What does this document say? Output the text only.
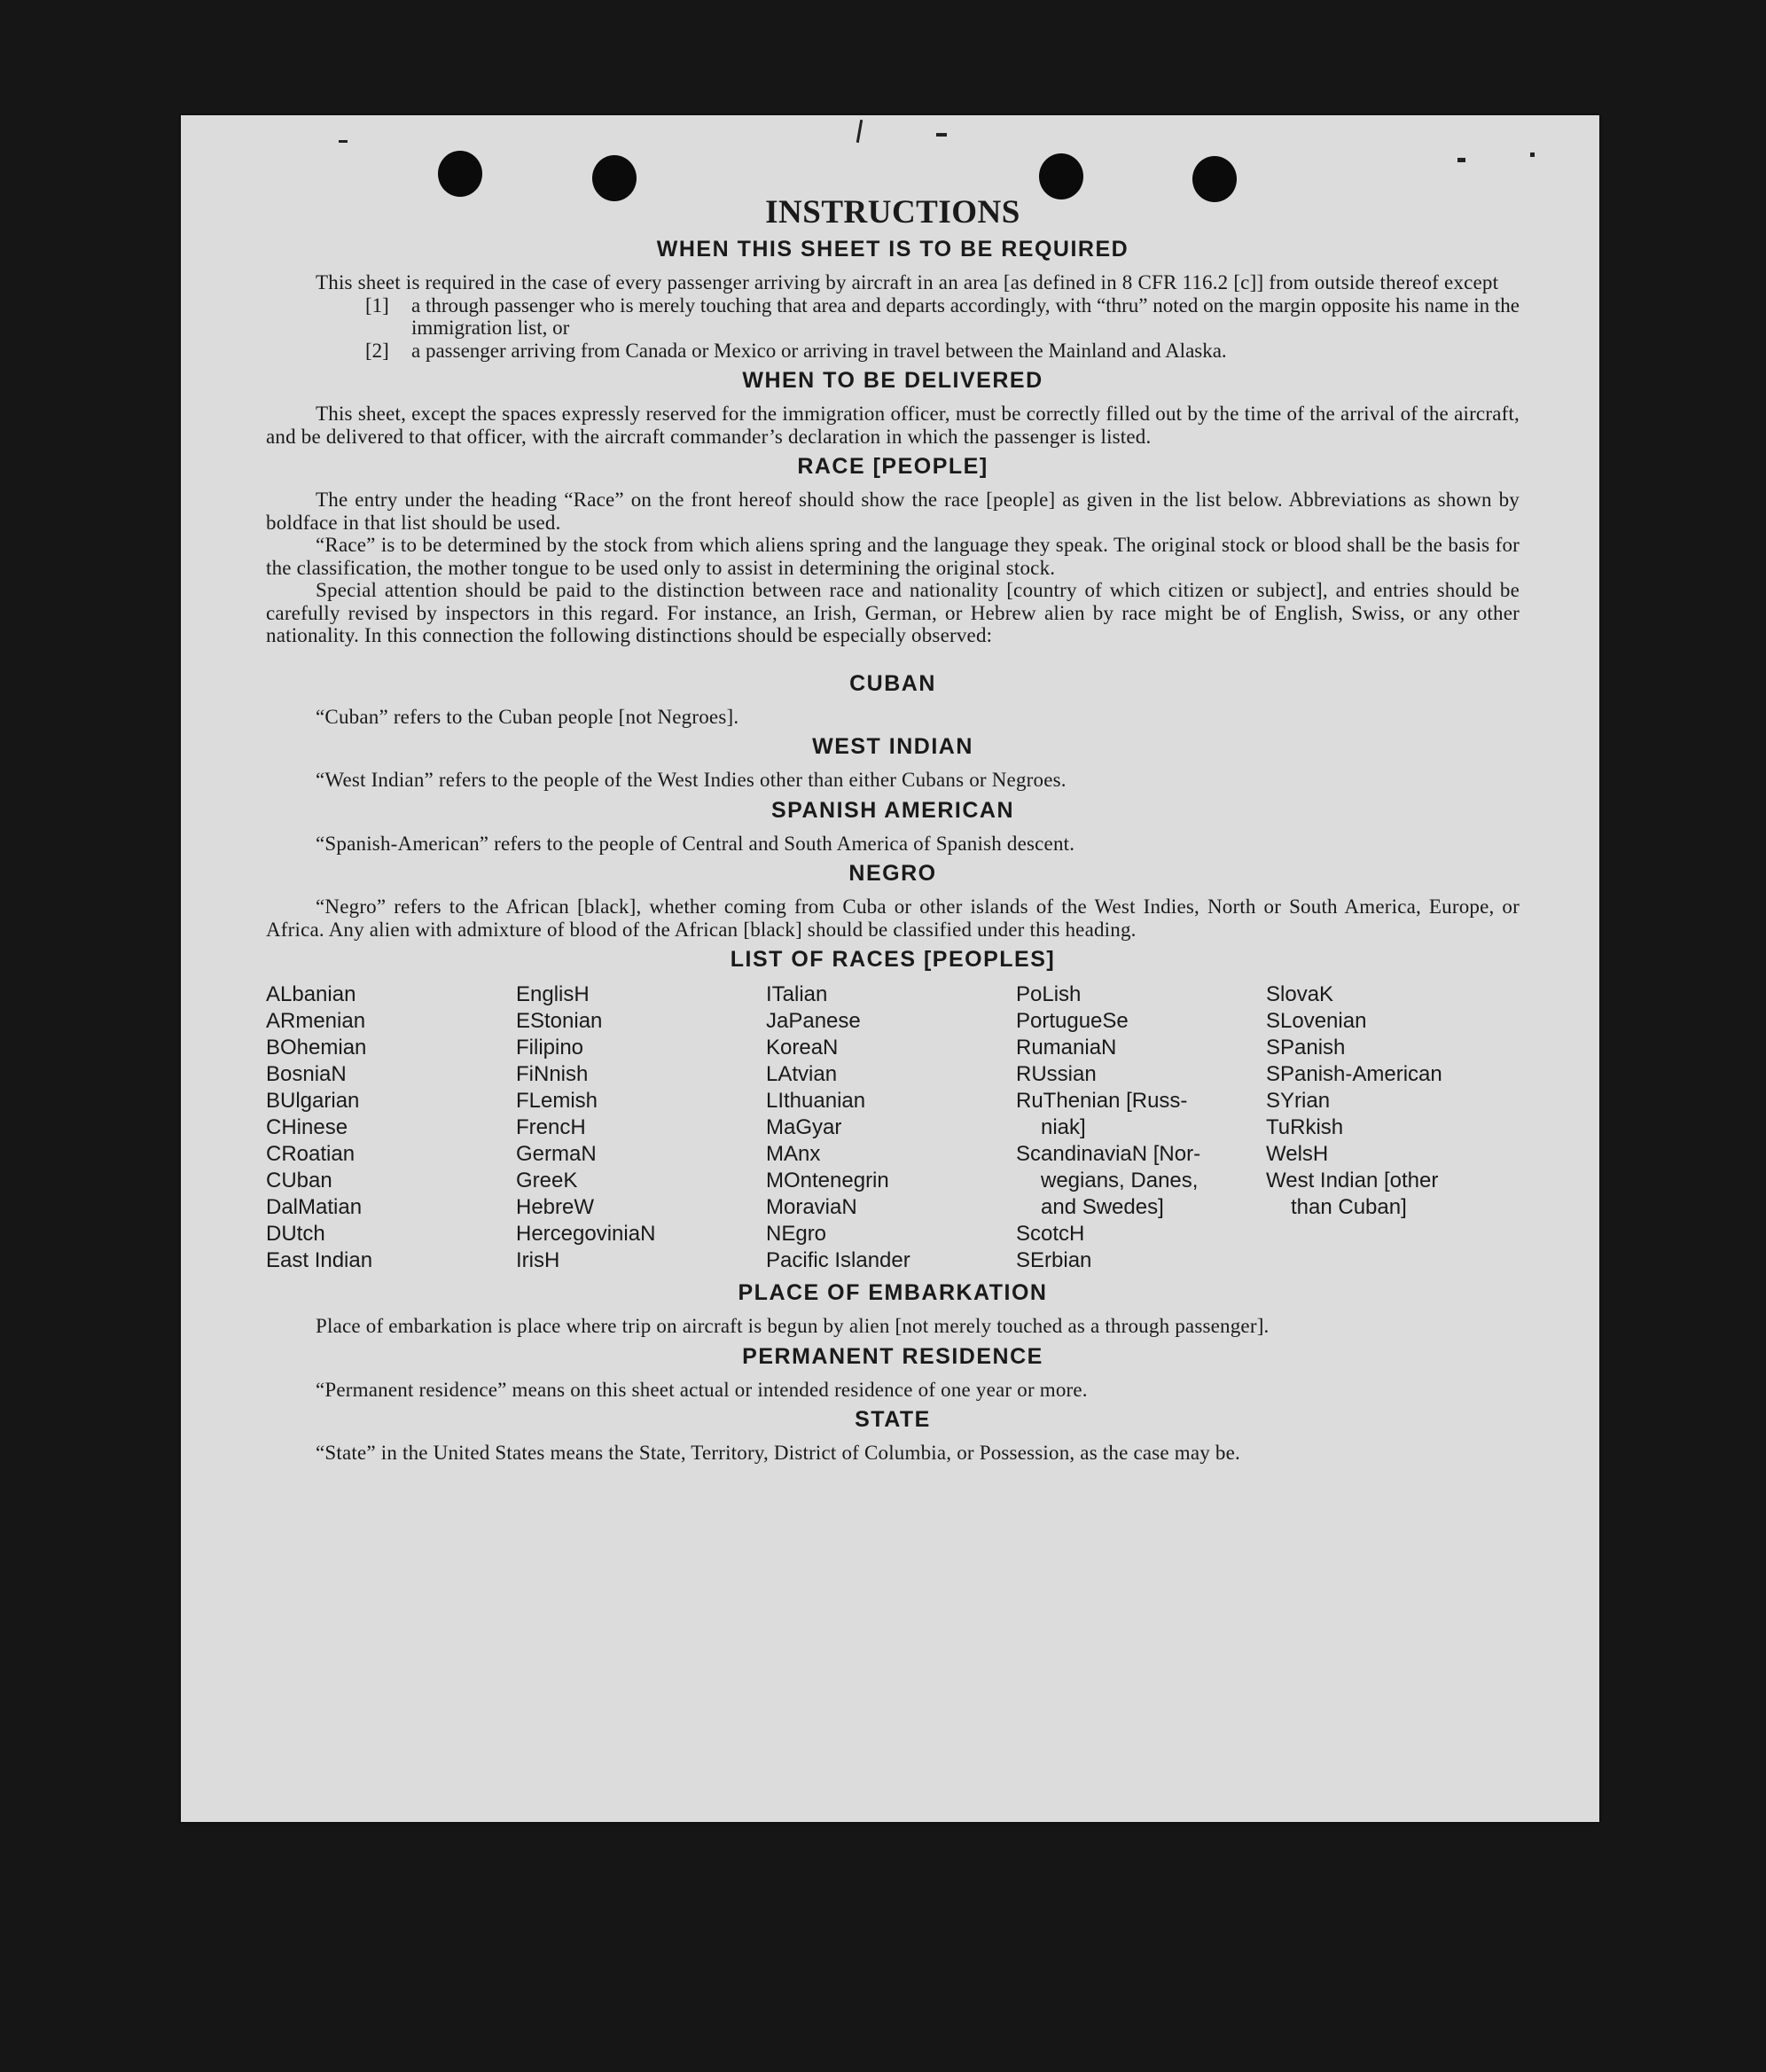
INSTRUCTIONS
WHEN THIS SHEET IS TO BE REQUIRED

This sheet is required in the case of every passenger arriving by aircraft in an area [as defined in 8 CFR 116.2 [c]] from outside thereof except

[1]	a through passenger who is merely touching that area and departs accordingly, with “thru” noted on the margin opposite his name in the immigration list, or
[2]	a passenger arriving from Canada or Mexico or arriving in travel between the Mainland and Alaska.
WHEN TO BE DELIVERED

This sheet, except the spaces expressly reserved for the immigration officer, must be correctly filled out by the time of the arrival of the aircraft, and be delivered to that officer, with the aircraft commander’s declaration in which the passenger is listed.

RACE [PEOPLE]

The entry under the heading “Race” on the front hereof should show the race [people] as given in the list below. Abbreviations as shown by boldface in that list should be used.

“Race” is to be determined by the stock from which aliens spring and the language they speak. The original stock or blood shall be the basis for the classification, the mother tongue to be used only to assist in determining the original stock.

Special attention should be paid to the distinction between race and nationality [country of which citizen or subject], and entries should be carefully revised by inspectors in this regard. For instance, an Irish, German, or Hebrew alien by race might be of English, Swiss, or any other nationality. In this connection the following distinctions should be especially observed:

CUBAN

“Cuban” refers to the Cuban people [not Negroes].

WEST INDIAN

“West Indian” refers to the people of the West Indies other than either Cubans or Negroes.

SPANISH AMERICAN

“Spanish-American” refers to the people of Central and South America of Spanish descent.

NEGRO

“Negro” refers to the African [black], whether coming from Cuba or other islands of the West Indies, North or South America, Europe, or Africa. Any alien with admixture of blood of the African [black] should be classified under this heading.

LIST OF RACES [PEOPLES]
ALbanian
ARmenian
BOhemian
BosniaN
BUlgarian
CHinese
CRoatian
CUban
DalMatian
DUtch
East Indian
EnglisH
EStonian
Filipino
FiNnish
FLemish
FrencH
GermaN
GreeK
HebreW
HercegoviniaN
IrisH
ITalian
JaPanese
KoreaN
LAtvian
LIthuanian
MaGyar
MAnx
MOntenegrin
MoraviaN
NEgro
Pacific Islander
PoLish
PortugueSe
RumaniaN
RUssian
RuThenian [Russ-
niak]
ScandinaviaN [Nor-
wegians, Danes,
and Swedes]
ScotcH
SErbian
SlovaK
SLovenian
SPanish
SPanish-American
SYrian
TuRkish
WelsH
West Indian [other
than Cuban]
PLACE OF EMBARKATION

Place of embarkation is place where trip on aircraft is begun by alien [not merely touched as a through passenger].

PERMANENT RESIDENCE

“Permanent residence” means on this sheet actual or intended residence of one year or more.

STATE

“State” in the United States means the State, Territory, District of Columbia, or Possession, as the case may be.
